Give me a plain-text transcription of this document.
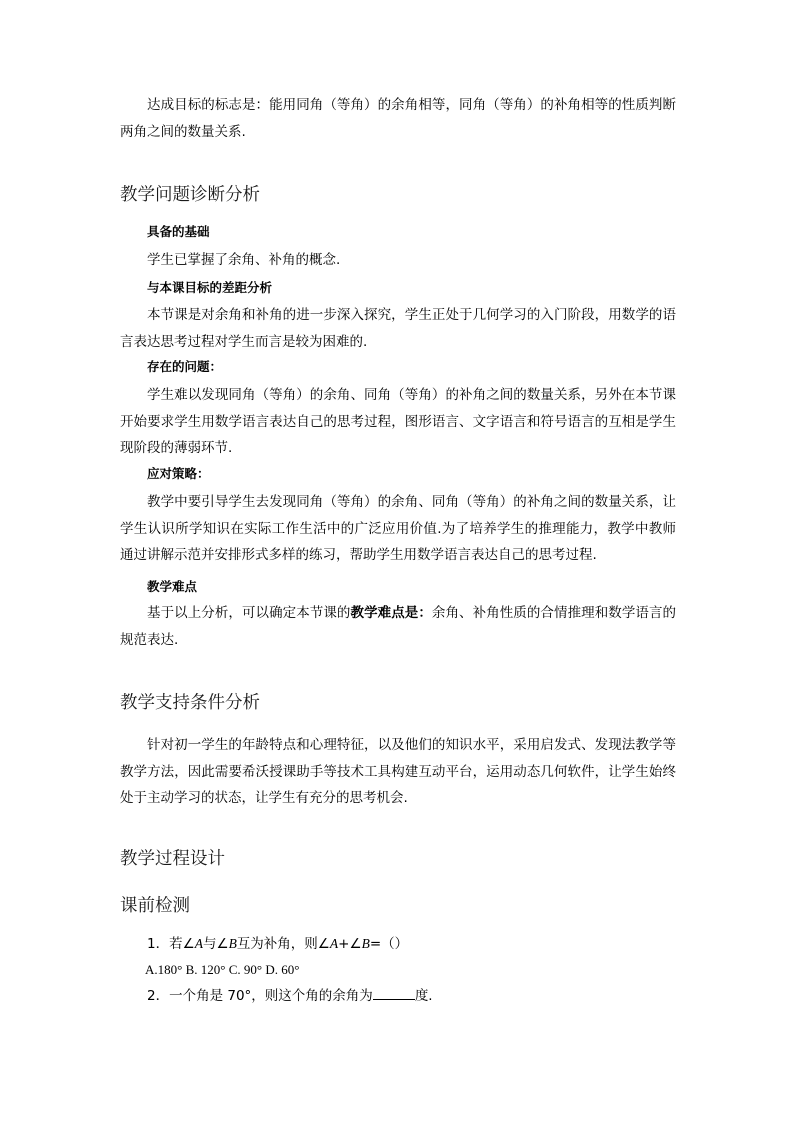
达成目标的标志是：能用同角（等角）的余角相等，同角（等角）的补角相等的性质判断两角之间的数量关系.

教学问题诊断分析

具备的基础

学生已掌握了余角、补角的概念.

与本课目标的差距分析

本节课是对余角和补角的进一步深入探究，学生正处于几何学习的入门阶段，用数学的语言表达思考过程对学生而言是较为困难的.

存在的问题：

学生难以发现同角（等角）的余角、同角（等角）的补角之间的数量关系，另外在本节课开始要求学生用数学语言表达自己的思考过程，图形语言、文字语言和符号语言的互相是学生现阶段的薄弱环节.

应对策略：

教学中要引导学生去发现同角（等角）的余角、同角（等角）的补角之间的数量关系，让学生认识所学知识在实际工作生活中的广泛应用价值.为了培养学生的推理能力，教学中教师通过讲解示范并安排形式多样的练习，帮助学生用数学语言表达自己的思考过程.

教学难点

基于以上分析，可以确定本节课的教学难点是：余角、补角性质的合情推理和数学语言的规范表达.

教学支持条件分析

针对初一学生的年龄特点和心理特征，以及他们的知识水平，采用启发式、发现法教学等教学方法，因此需要希沃授课助手等技术工具构建互动平台，运用动态几何软件，让学生始终处于主动学习的状态，让学生有充分的思考机会.

教学过程设计
课前检测

1．若∠A与∠B互为补角，则∠A+∠B=（）

A.180° B. 120° C. 90° D. 60°

2．一个角是 70°，则这个角的余角为	度.
